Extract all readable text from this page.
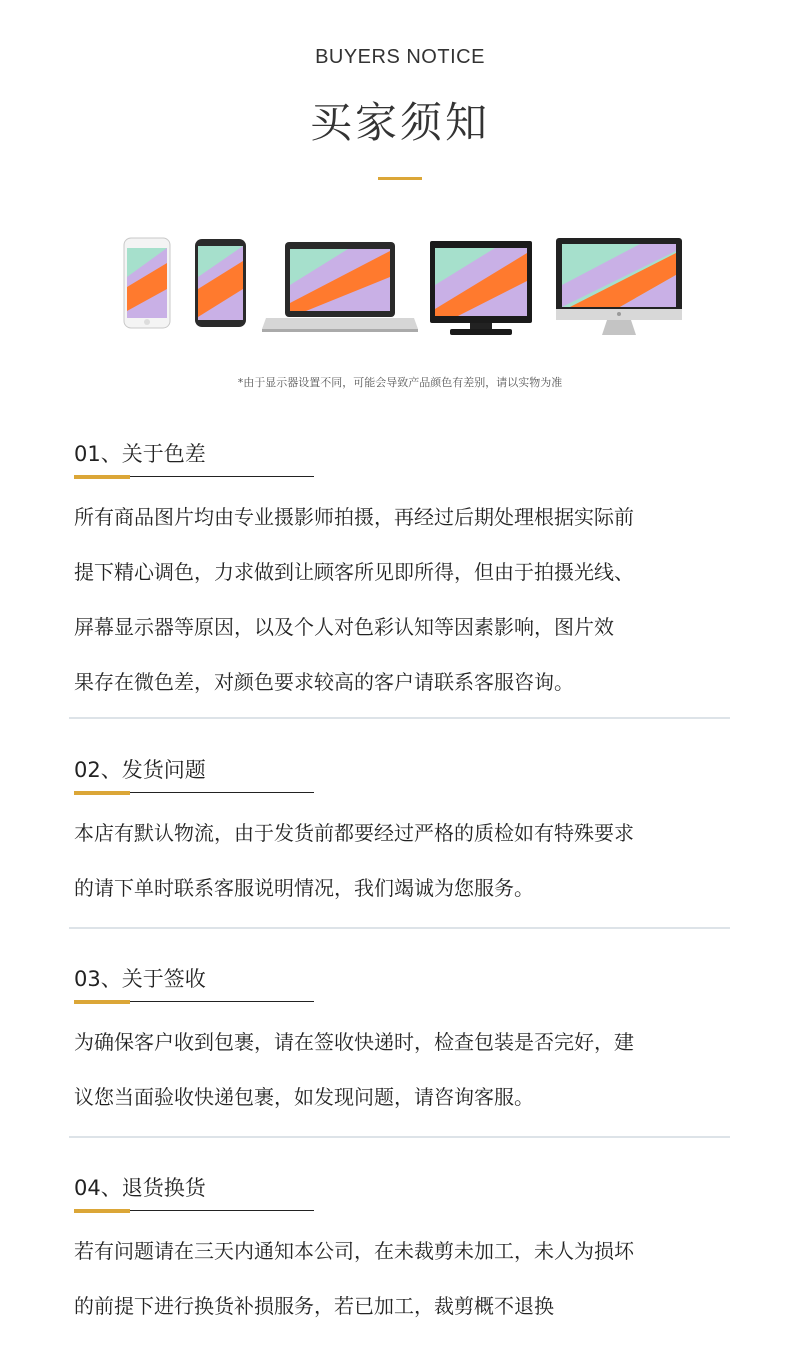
BUYERS NOTICE
买家须知
*由于显示器设置不同，可能会导致产品颜色有差别，请以实物为准
01、关于色差

所有商品图片均由专业摄影师拍摄，再经过后期处理根据实际前

提下精心调色，力求做到让顾客所见即所得，但由于拍摄光线、

屏幕显示器等原因，以及个人对色彩认知等因素影响，图片效

果存在微色差，对颜色要求较高的客户请联系客服咨询。

02、发货问题

本店有默认物流，由于发货前都要经过严格的质检如有特殊要求

的请下单时联系客服说明情况，我们竭诚为您服务。

03、关于签收

为确保客户收到包裹，请在签收快递时，检查包装是否完好，建

议您当面验收快递包裹，如发现问题，请咨询客服。

04、退货换货

若有问题请在三天内通知本公司，在未裁剪未加工，未人为损坏

的前提下进行换货补损服务，若已加工，裁剪概不退换
